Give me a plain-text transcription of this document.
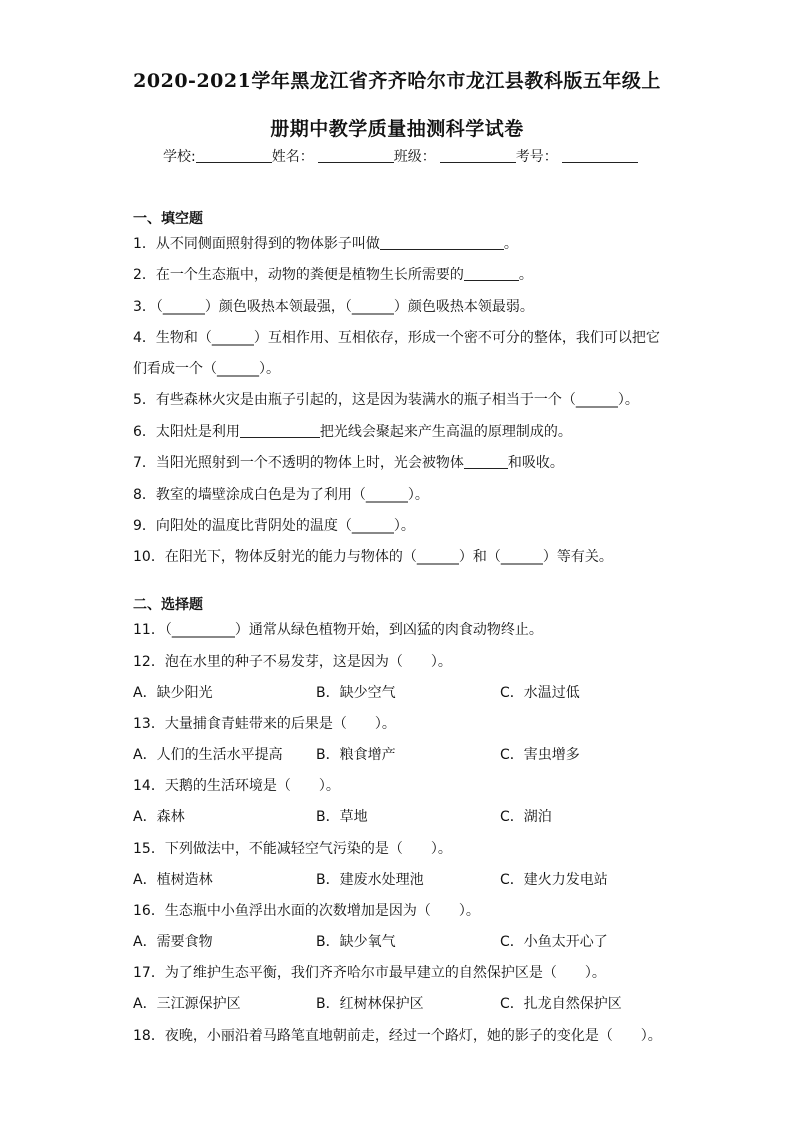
2020-2021学年黑龙江省齐齐哈尔市龙江县教科版五年级上
册期中教学质量抽测科学试卷
学校:	姓名：	班级：	考号：
一、填空题
1．从不同侧面照射得到的物体影子叫做	。
2．在一个生态瓶中，动物的粪便是植物生长所需要的	。
3．（______）颜色吸热本领最强，（______）颜色吸热本领最弱。
4．生物和（______）互相作用、互相依存，形成一个密不可分的整体，我们可以把它
们看成一个（______）。
5．有些森林火灾是由瓶子引起的，这是因为装满水的瓶子相当于一个（______）。
6．太阳灶是利用	把光线会聚起来产生高温的原理制成的。
7．当阳光照射到一个不透明的物体上时，光会被物体	和吸收。
8．教室的墙壁涂成白色是为了利用（______）。
9．向阳处的温度比背阴处的温度（______）。
10．在阳光下，物体反射光的能力与物体的（______）和（______）等有关。
二、选择题
11．（_________）通常从绿色植物开始，到凶猛的肉食动物终止。
12．泡在水里的种子不易发芽，这是因为（　　）。
A．缺少阳光	B．缺少空气	C．水温过低
13．大量捕食青蛙带来的后果是（　　）。
A．人们的生活水平提高 B．粮食增产	C．害虫增多
14．天鹅的生活环境是（　　）。
A．森林	B．草地	C．湖泊
15．下列做法中，不能减轻空气污染的是（　　）。
A．植树造林	B．建废水处理池	C．建火力发电站
16．生态瓶中小鱼浮出水面的次数增加是因为（　　）。
A．需要食物	B．缺少氧气	C．小鱼太开心了
17．为了维护生态平衡，我们齐齐哈尔市最早建立的自然保护区是（　　）。
A．三江源保护区	B．红树林保护区	C．扎龙自然保护区
18．夜晚，小丽沿着马路笔直地朝前走，经过一个路灯，她的影子的变化是（　　）。
